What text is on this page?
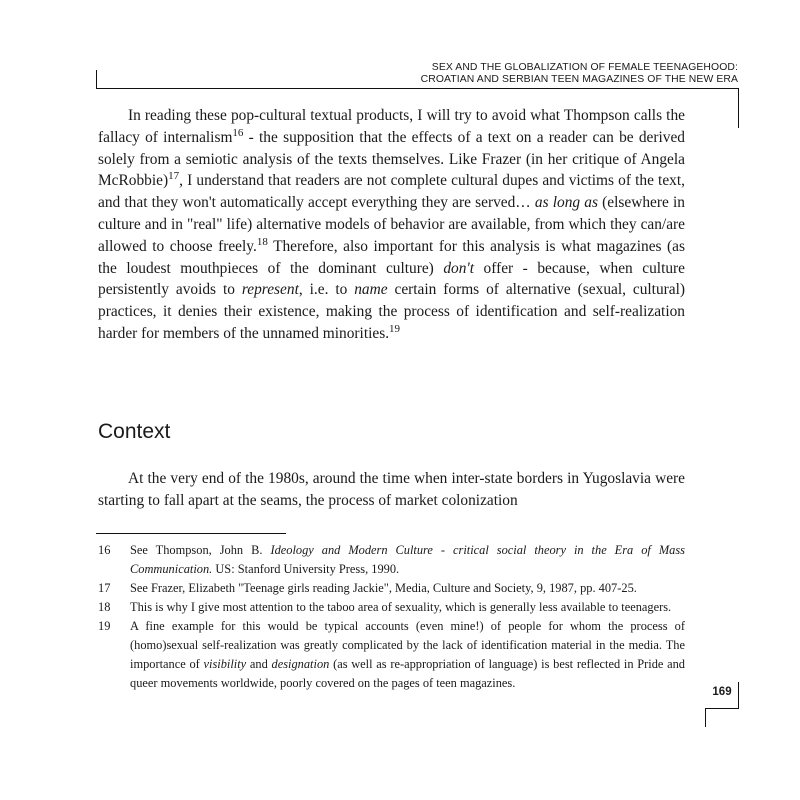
SEX AND THE GLOBALIZATION OF FEMALE TEENAGEHOOD:
CROATIAN AND SERBIAN TEEN MAGAZINES OF THE NEW ERA

In reading these pop-cultural textual products, I will try to avoid what Thompson calls the fallacy of internalism$^{16}$ - the supposition that the effects of a text on a reader can be derived solely from a semiotic analysis of the texts themselves. Like Frazer (in her critique of Angela McRobbie)$^{17}$, I understand that readers are not complete cultural dupes and victims of the text, and that they won't automatically accept everything they are served… as long as (elsewhere in culture and in "real" life) alternative models of behavior are available, from which they can/are allowed to choose freely.$^{18}$ Therefore, also important for this analysis is what magazines (as the loudest mouthpieces of the dominant culture) don't offer - because, when culture persistently avoids to represent, i.e. to name certain forms of alternative (sexual, cultural) practices, it denies their existence, making the process of identification and self-realization harder for members of the unnamed minorities.$^{19}$

Context

At the very end of the 1980s, around the time when inter-state borders in Yugoslavia were starting to fall apart at the seams, the process of market colonization

16	See Thompson, John B. Ideology and Modern Culture - critical social theory in the Era of Mass Communication. US: Stanford University Press, 1990.
17	See Frazer, Elizabeth "Teenage girls reading Jackie", Media, Culture and Society, 9, 1987, pp. 407-25.
18	This is why I give most attention to the taboo area of sexuality, which is generally less available to teenagers.
19	A fine example for this would be typical accounts (even mine!) of people for whom the process of (homo)sexual self-realization was greatly complicated by the lack of identification material in the media. The importance of visibility and designation (as well as re-appropriation of language) is best reflected in Pride and queer movements worldwide, poorly covered on the pages of teen magazines.
169
